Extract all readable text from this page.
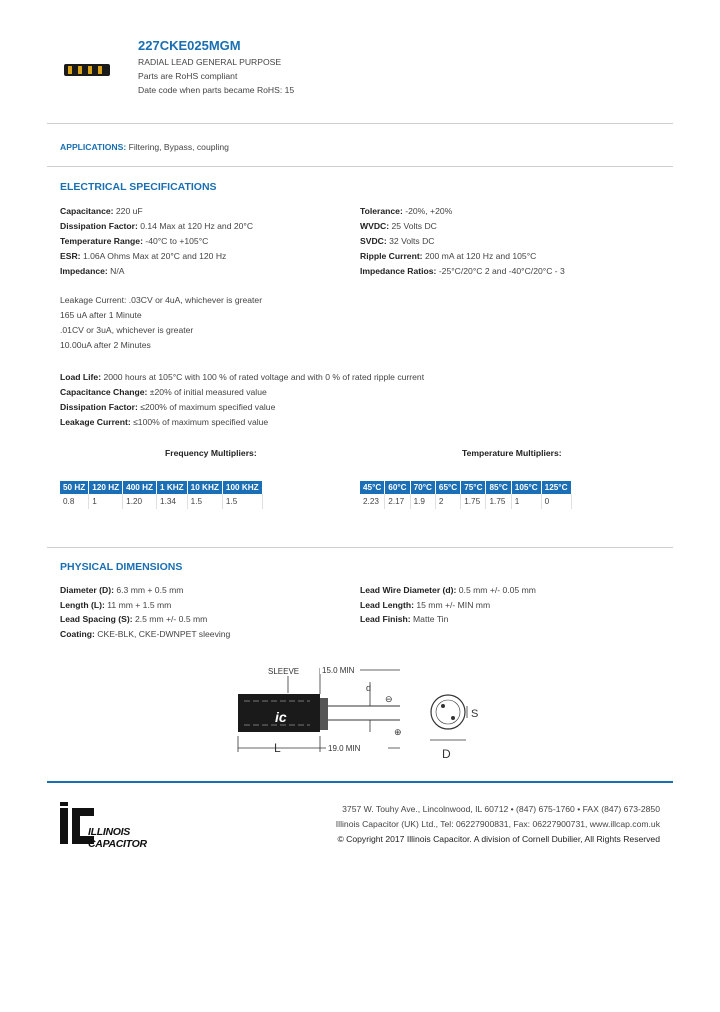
227CKE025MGM
RADIAL LEAD GENERAL PURPOSE
Parts are RoHS compliant
Date code when parts became RoHS: 15
APPLICATIONS: Filtering, Bypass, coupling
ELECTRICAL SPECIFICATIONS
Capacitance: 220 uF
Dissipation Factor: 0.14 Max at 120 Hz and 20°C
Temperature Range: -40°C to +105°C
ESR: 1.06A Ohms Max at 20°C and 120 Hz
Impedance: N/A
Tolerance: -20%, +20%
WVDC: 25 Volts DC
SVDC: 32 Volts DC
Ripple Current: 200 mA at 120 Hz and 105°C
Impedance Ratios: -25°C/20°C 2 and -40°C/20°C - 3
Leakage Current: .03CV or 4uA, whichever is greater
165 uA after 1 Minute
.01CV or 3uA, whichever is greater
10.00uA after 2 Minutes
Load Life: 2000 hours at 105°C with 100 % of rated voltage and with 0 % of rated ripple current
Capacitance Change: ±20% of initial measured value
Dissipation Factor: ≤200% of maximum specified value
Leakage Current: ≤100% of maximum specified value
Frequency Multipliers:	Temperature Multipliers:
50 HZ	120 HZ	400 HZ	1 KHZ	10 KHZ	100 KHZ
0.8	1	1.20	1.34	1.5	1.5
45°C	60°C	70°C	65°C	75°C	85°C	105°C	125°C
2.23	2.17	1.9	2	1.75	1.75	1	0
PHYSICAL DIMENSIONS
Diameter (D): 6.3 mm + 0.5 mm
Length (L): 11 mm + 1.5 mm
Lead Spacing (S): 2.5 mm +/- 0.5 mm
Coating: CKE-BLK, CKE-DWNPET sleeving
Lead Wire Diameter (d): 0.5 mm +/- 0.05 mm
Lead Length: 15 mm +/- MIN mm
Lead Finish: Matte Tin
SLEEVE	15.0 MIN
ic
d
⊖
⊕
L	19.0 MIN
S
D
ILLINOIS CAPACITOR
3757 W. Touhy Ave., Lincolnwood, IL 60712 • (847) 675-1760 • FAX (847) 673-2850
Illinois Capacitor (UK) Ltd., Tel: 06227900831, Fax: 06227900731, www.illcap.com.uk
© Copyright 2017 Illinois Capacitor. A division of Cornell Dubilier, All Rights Reserved
